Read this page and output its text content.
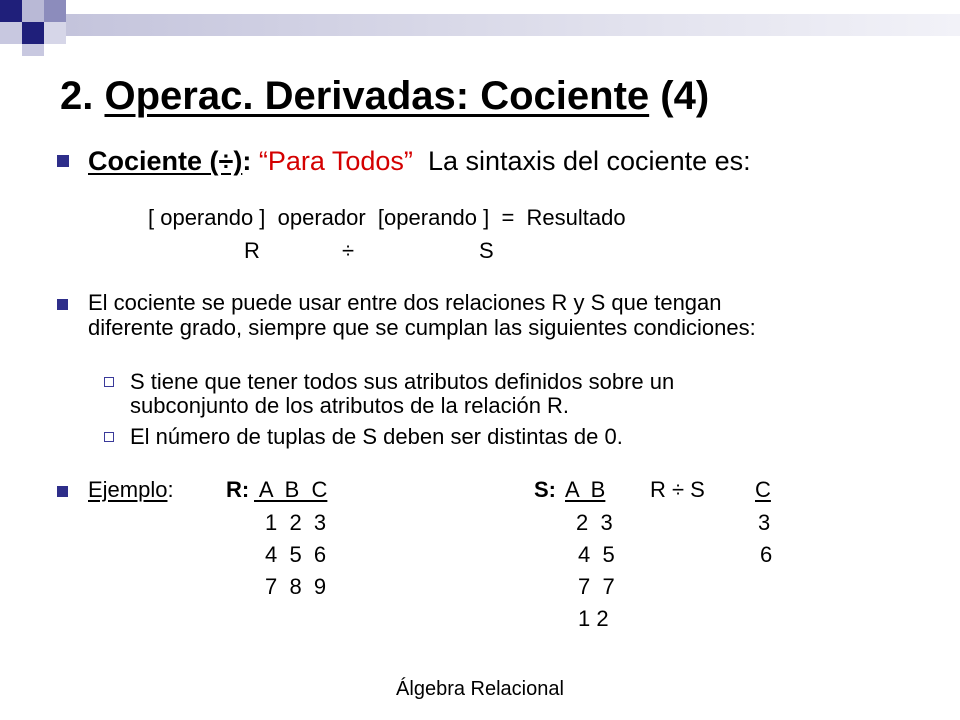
2. Operac. Derivadas: Cociente (4)
Cociente (÷): “Para Todos” La sintaxis del cociente es:
[ operando ]  operador  [operando ]  =  Resultado
R	÷	S
El cociente se puede usar entre dos relaciones R y S que tengan
diferente grado, siempre que se cumplan las siguientes condiciones:
S tiene que tener todos sus atributos definidos sobre un
subconjunto de los atributos de la relación R.
El número de tuplas de S deben ser distintas de 0.
Ejemplo: R: A  B  C
1  2  3
4  5  6
7  8  9
S: A  B
2  3
4  5
7  7
1 2
R ÷ S C
3
6
Álgebra Relacional
